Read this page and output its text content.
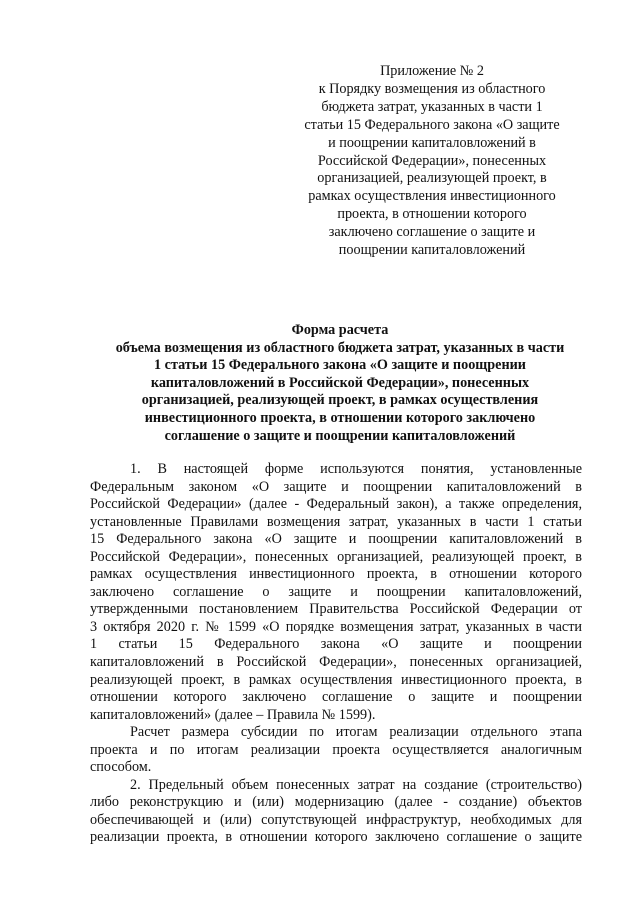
Приложение № 2
к Порядку возмещения из областного
бюджета затрат, указанных в части 1
статьи 15 Федерального закона «О защите
и поощрении капиталовложений в
Российской Федерации», понесенных
организацией, реализующей проект, в
рамках осуществления инвестиционного
проекта, в отношении которого
заключено соглашение о защите и
поощрении капиталовложений
Форма расчета
объема возмещения из областного бюджета затрат, указанных в части
1 статьи 15 Федерального закона «О защите и поощрении
капиталовложений в Российской Федерации», понесенных
организацией, реализующей проект, в рамках осуществления
инвестиционного проекта, в отношении которого заключено
соглашение о защите и поощрении капиталовложений
1. В настоящей форме используются понятия, установленные
Федеральным законом «О защите и поощрении капиталовложений в
Российской Федерации» (далее - Федеральный закон), а также определения,
установленные Правилами возмещения затрат, указанных в части 1 статьи
15 Федерального закона «О защите и поощрении капиталовложений в
Российской Федерации», понесенных организацией, реализующей проект, в
рамках осуществления инвестиционного проекта, в отношении которого
заключено соглашение о защите и поощрении капиталовложений,
утвержденными постановлением Правительства Российской Федерации от
3 октября 2020 г. № 1599 «О порядке возмещения затрат, указанных в части
1 статьи 15 Федерального закона «О защите и поощрении
капиталовложений в Российской Федерации», понесенных организацией,
реализующей проект, в рамках осуществления инвестиционного проекта, в
отношении которого заключено соглашение о защите и поощрении
капиталовложений» (далее – Правила № 1599).
Расчет размера субсидии по итогам реализации отдельного этапа
проекта и по итогам реализации проекта осуществляется аналогичным
способом.
2. Предельный объем понесенных затрат на создание (строительство)
либо реконструкцию и (или) модернизацию (далее - создание) объектов
обеспечивающей и (или) сопутствующей инфраструктур, необходимых для
реализации проекта, в отношении которого заключено соглашение о защите
